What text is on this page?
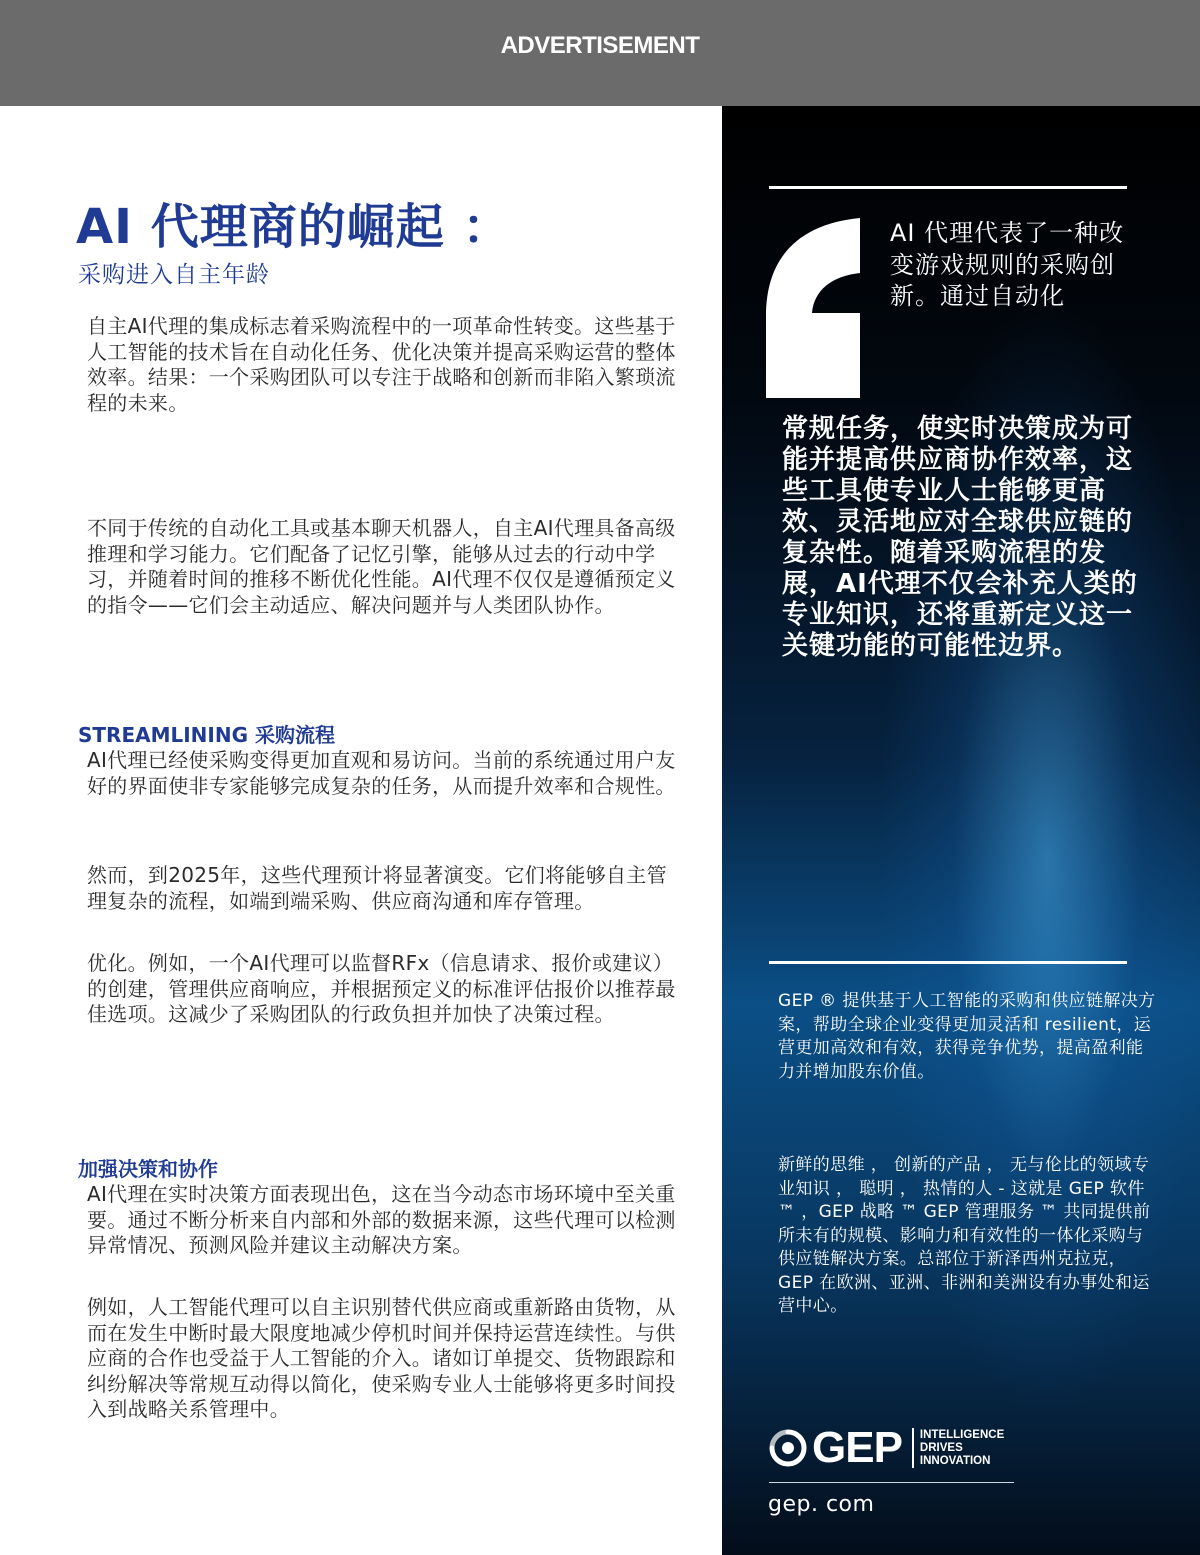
ADVERTISEMENT
AI 代理商的崛起 ：

采购进入自主年龄

自主AI代理的集成标志着采购流程中的一项革命性转变。这些基于人工智能的技术旨在自动化任务、优化决策并提高采购运营的整体效率。结果：一个采购团队可以专注于战略和创新而非陷入繁琐流程的未来。

不同于传统的自动化工具或基本聊天机器人，自主AI代理具备高级推理和学习能力。它们配备了记忆引擎，能够从过去的行动中学习，并随着时间的推移不断优化性能。AI代理不仅仅是遵循预定义的指令——它们会主动适应、解决问题并与人类团队协作。

STREAMLINING 采购流程

AI代理已经使采购变得更加直观和易访问。当前的系统通过用户友好的界面使非专家能够完成复杂的任务，从而提升效率和合规性。

然而，到2025年，这些代理预计将显著演变。它们将能够自主管理复杂的流程，如端到端采购、供应商沟通和库存管理。

优化。例如，一个AI代理可以监督RFx（信息请求、报价或建议）的创建，管理供应商响应，并根据预定义的标准评估报价以推荐最佳选项。这减少了采购团队的行政负担并加快了决策过程。

加强决策和协作

AI代理在实时决策方面表现出色，这在当今动态市场环境中至关重要。通过不断分析来自内部和外部的数据来源，这些代理可以检测异常情况、预测风险并建议主动解决方案。

例如，人工智能代理可以自主识别替代供应商或重新路由货物，从而在发生中断时最大限度地减少停机时间并保持运营连续性。与供应商的合作也受益于人工智能的介入。诸如订单提交、货物跟踪和纠纷解决等常规互动得以简化，使采购专业人士能够将更多时间投入到战略关系管理中。

AI 代理代表了一种改变游戏规则的采购创新。通过自动化

常规任务，使实时决策成为可能并提高供应商协作效率，这些工具使专业人士能够更高效、灵活地应对全球供应链的复杂性。随着采购流程的发展，AI代理不仅会补充人类的专业知识，还将重新定义这一关键功能的可能性边界。

GEP ® 提供基于人工智能的采购和供应链解决方案，帮助全球企业变得更加灵活和 resilient，运营更加高效和有效，获得竞争优势，提高盈利能力并增加股东价值。

新鲜的思维 ， 创新的产品 ， 无与伦比的领域专业知识 ， 聪明 ， 热情的人 - 这就是 GEP 软件 ™ ，GEP 战略 ™ GEP 管理服务 ™ 共同提供前所未有的规模、影响力和有效性的一体化采购与供应链解决方案。总部位于新泽西州克拉克，GEP 在欧洲、亚洲、非洲和美洲设有办事处和运营中心。

GEP INTELLIGENCE
DRIVES
INNOVATION

gep. com
